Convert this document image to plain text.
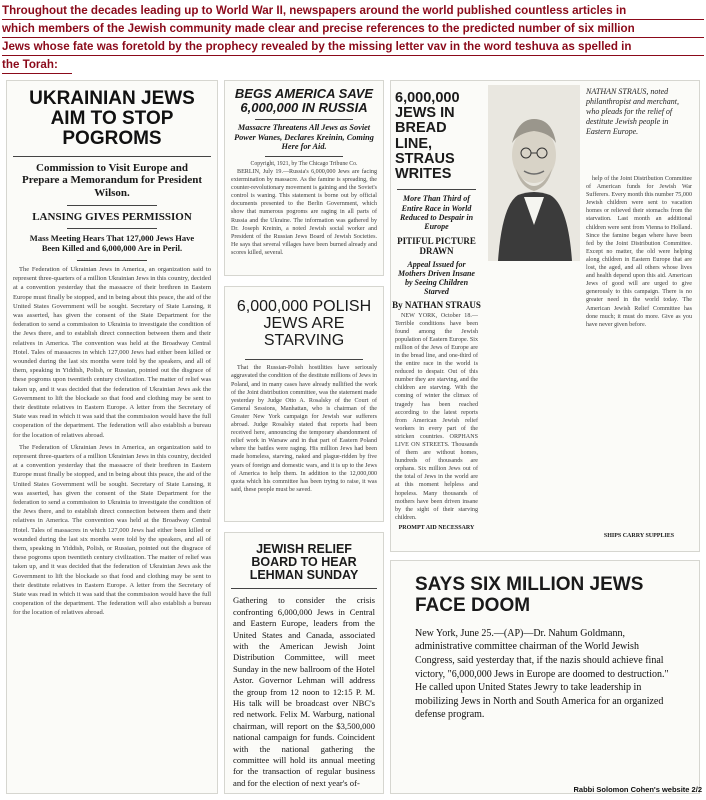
Throughout the decades leading up to World War II, newspapers around the world published countless articles in
which members of the Jewish community made clear and precise references to the predicted number of six million
Jews whose fate was foretold by the prophecy revealed by the missing letter vav in the word teshuva as spelled in
the Torah:
UKRAINIAN JEWS AIM TO STOP POGROMS
Commission to Visit Europe and Prepare a Memorandum for President Wilson.
LANSING GIVES PERMISSION
Mass Meeting Hears That 127,000 Jews Have Been Killed and 6,000,000 Are in Peril.

The Federation of Ukrainian Jews in America, an organization said to represent three-quarters of a million Ukrainian Jews in this country, decided at a convention yesterday that the massacre of their brethren in Eastern Europe must finally be stopped, and in being about this peace, the aid of the United States Government will be sought. Secretary of State Lansing, it was asserted, has given the consent of the State Department for the federation to send a commission to Ukrainia to investigate the condition of the Jews there, and to establish direct connection between them and their relatives in America. The convention was held at the Broadway Central Hotel. Tales of massacres in which 127,000 Jews had either been killed or wounded during the last six months were told by the speakers, and all of them, speaking in Yiddish, Polish, or Russian, pointed out the disgrace of these pogroms upon twentieth century civilization. The matter of relief was taken up, and it was decided that the federation of Ukrainian Jews ask the Government to lift the blockade so that food and clothing may be sent to their destitute relatives in Eastern Europe. A letter from the Secretary of State was read in which it was said that the commission would have the full cooperation of the department. The federation will also establish a bureau for the location of relatives abroad.

The Federation of Ukrainian Jews in America, an organization said to represent three-quarters of a million Ukrainian Jews in this country, decided at a convention yesterday that the massacre of their brethren in Eastern Europe must finally be stopped, and in being about this peace, the aid of the United States Government will be sought. Secretary of State Lansing, it was asserted, has given the consent of the State Department for the federation to send a commission to Ukrainia to investigate the condition of the Jews there, and to establish direct connection between them and their relatives in America. The convention was held at the Broadway Central Hotel. Tales of massacres in which 127,000 Jews had either been killed or wounded during the last six months were told by the speakers, and all of them, speaking in Yiddish, Polish, or Russian, pointed out the disgrace of these pogroms upon twentieth century civilization. The matter of relief was taken up, and it was decided that the federation of Ukrainian Jews ask the Government to lift the blockade so that food and clothing may be sent to their destitute relatives in Eastern Europe. A letter from the Secretary of State was read in which it was said that the commission would have the full cooperation of the department. The federation will also establish a bureau for the location of relatives abroad.

BEGS AMERICA SAVE 6,000,000 IN RUSSIA
Massacre Threatens All Jews as Soviet Power Wanes, Declares Kreinin, Coming Here for Aid.
Copyright, 1921, by The Chicago Tribune Co.

BERLIN, July 19.—Russia's 6,000,000 Jews are facing extermination by massacre. As the famine is spreading, the counter-revolutionary movement is gaining and the Soviet's control is waning. This statement is borne out by official documents presented to the Berlin Government, which show that numerous pogroms are raging in all parts of Russia and the Ukraine. The information was gathered by Dr. Joseph Kreinin, a noted Jewish social worker and President of the Russian Jews Board of Jewish Societies. He says that several villages have been burned already and scores killed, several.

6,000,000 POLISH JEWS ARE STARVING

That the Russian-Polish hostilities have seriously aggravated the condition of the destitute millions of Jews in Poland, and in many cases have already nullified the work of the Joint distribution committee, was the statement made yesterday by Judge Otto A. Rosalsky of the Court of General Sessions, Manhattan, who is chairman of the Greater New York campaign for Jewish war sufferers abroad. Judge Rosalsky stated that reports had been received here, announcing the temporary abandonment of relief work in Warsaw and in that part of Eastern Poland where the battles were raging. His million Jews had been made homeless, starving, naked and plague-ridden by five years of foreign and domestic wars, and it is up to the Jews of America to help them. In addition to the 12,000,000 quota which his committee has been trying to raise, it was said, these people must be saved.

JEWISH RELIEF BOARD TO HEAR LEHMAN SUNDAY
Gathering to consider the crisis confronting 6,000,000 Jews in Central and Eastern Europe, leaders from the United States and Canada, associated with the American Jewish Joint Distribution Committee, will meet Sunday in the new ballroom of the Hotel Astor. Governor Lehman will address the group from 12 noon to 12:15 P. M. His talk will be broadcast over NBC's red network. Felix M. Warburg, national chairman, will report on the $3,500,000 national campaign for funds. Coincident with the national gathering the committee will hold its annual meeting for the transaction of regular business and for the election of next year's of-
6,000,000 JEWS IN BREAD LINE, STRAUS WRITES
More Than Third of Entire Race in World Reduced to Despair in Europe
PITIFUL PICTURE DRAWN
Appeal Issued for Mothers Driven Insane by Seeing Children Starved
By NATHAN STRAUS

NEW YORK, October 18.—Terrible conditions have been found among the Jewish population of Eastern Europe. Six million of the Jews of Europe are in the bread line, and one-third of the entire race in the world is reduced to despair. Out of this number they are starving, and the children are starving. With the coming of winter the climax of tragedy has been reached according to the latest reports from American Jewish relief workers in every part of the stricken countries. ORPHANS LIVE ON STREETS. Thousands of them are without homes, hundreds of thousands are orphans. Six million Jews out of the total of Jews in the world are at this moment helpless and hopeless. Many thousands of mothers have been driven insane by the sight of their starving children.

PROMPT AID NECESSARY
NATHAN STRAUS, noted philanthropist and merchant, who pleads for the relief of destitute Jewish people in Eastern Europe.

help of the Joint Distribution Committee of American funds for Jewish War Sufferers. Every month this number 75,000 Jewish children were sent to vacation homes or relieved their stomachs from the starvation. Last month an additional children were sent from Vienna to Holland. Since the famine began where have been fed by the Joint Distribution Committee. Except no matter, the old were helping along children in Eastern Europe that are lost, the aged, and all others whose lives and health depend upon this aid. American Jews of good will are urged to give generously to this campaign. There is no greater need in the world today. The American Jewish Relief Committee has done much; it must do more. Give as you have never given before.

SHIPS CARRY SUPPLIES
SAYS SIX MILLION JEWS FACE DOOM
New York, June 25.—(AP)—Dr. Nahum Goldmann, administrative committee chairman of the World Jewish Congress, said yesterday that, if the nazis should achieve final victory, "6,000,000 Jews in Europe are doomed to destruction." He called upon United States Jewry to take leadership in mobilizing Jews in North and South America for an organized defense program.
Rabbi Solomon Cohen's website 2/2
